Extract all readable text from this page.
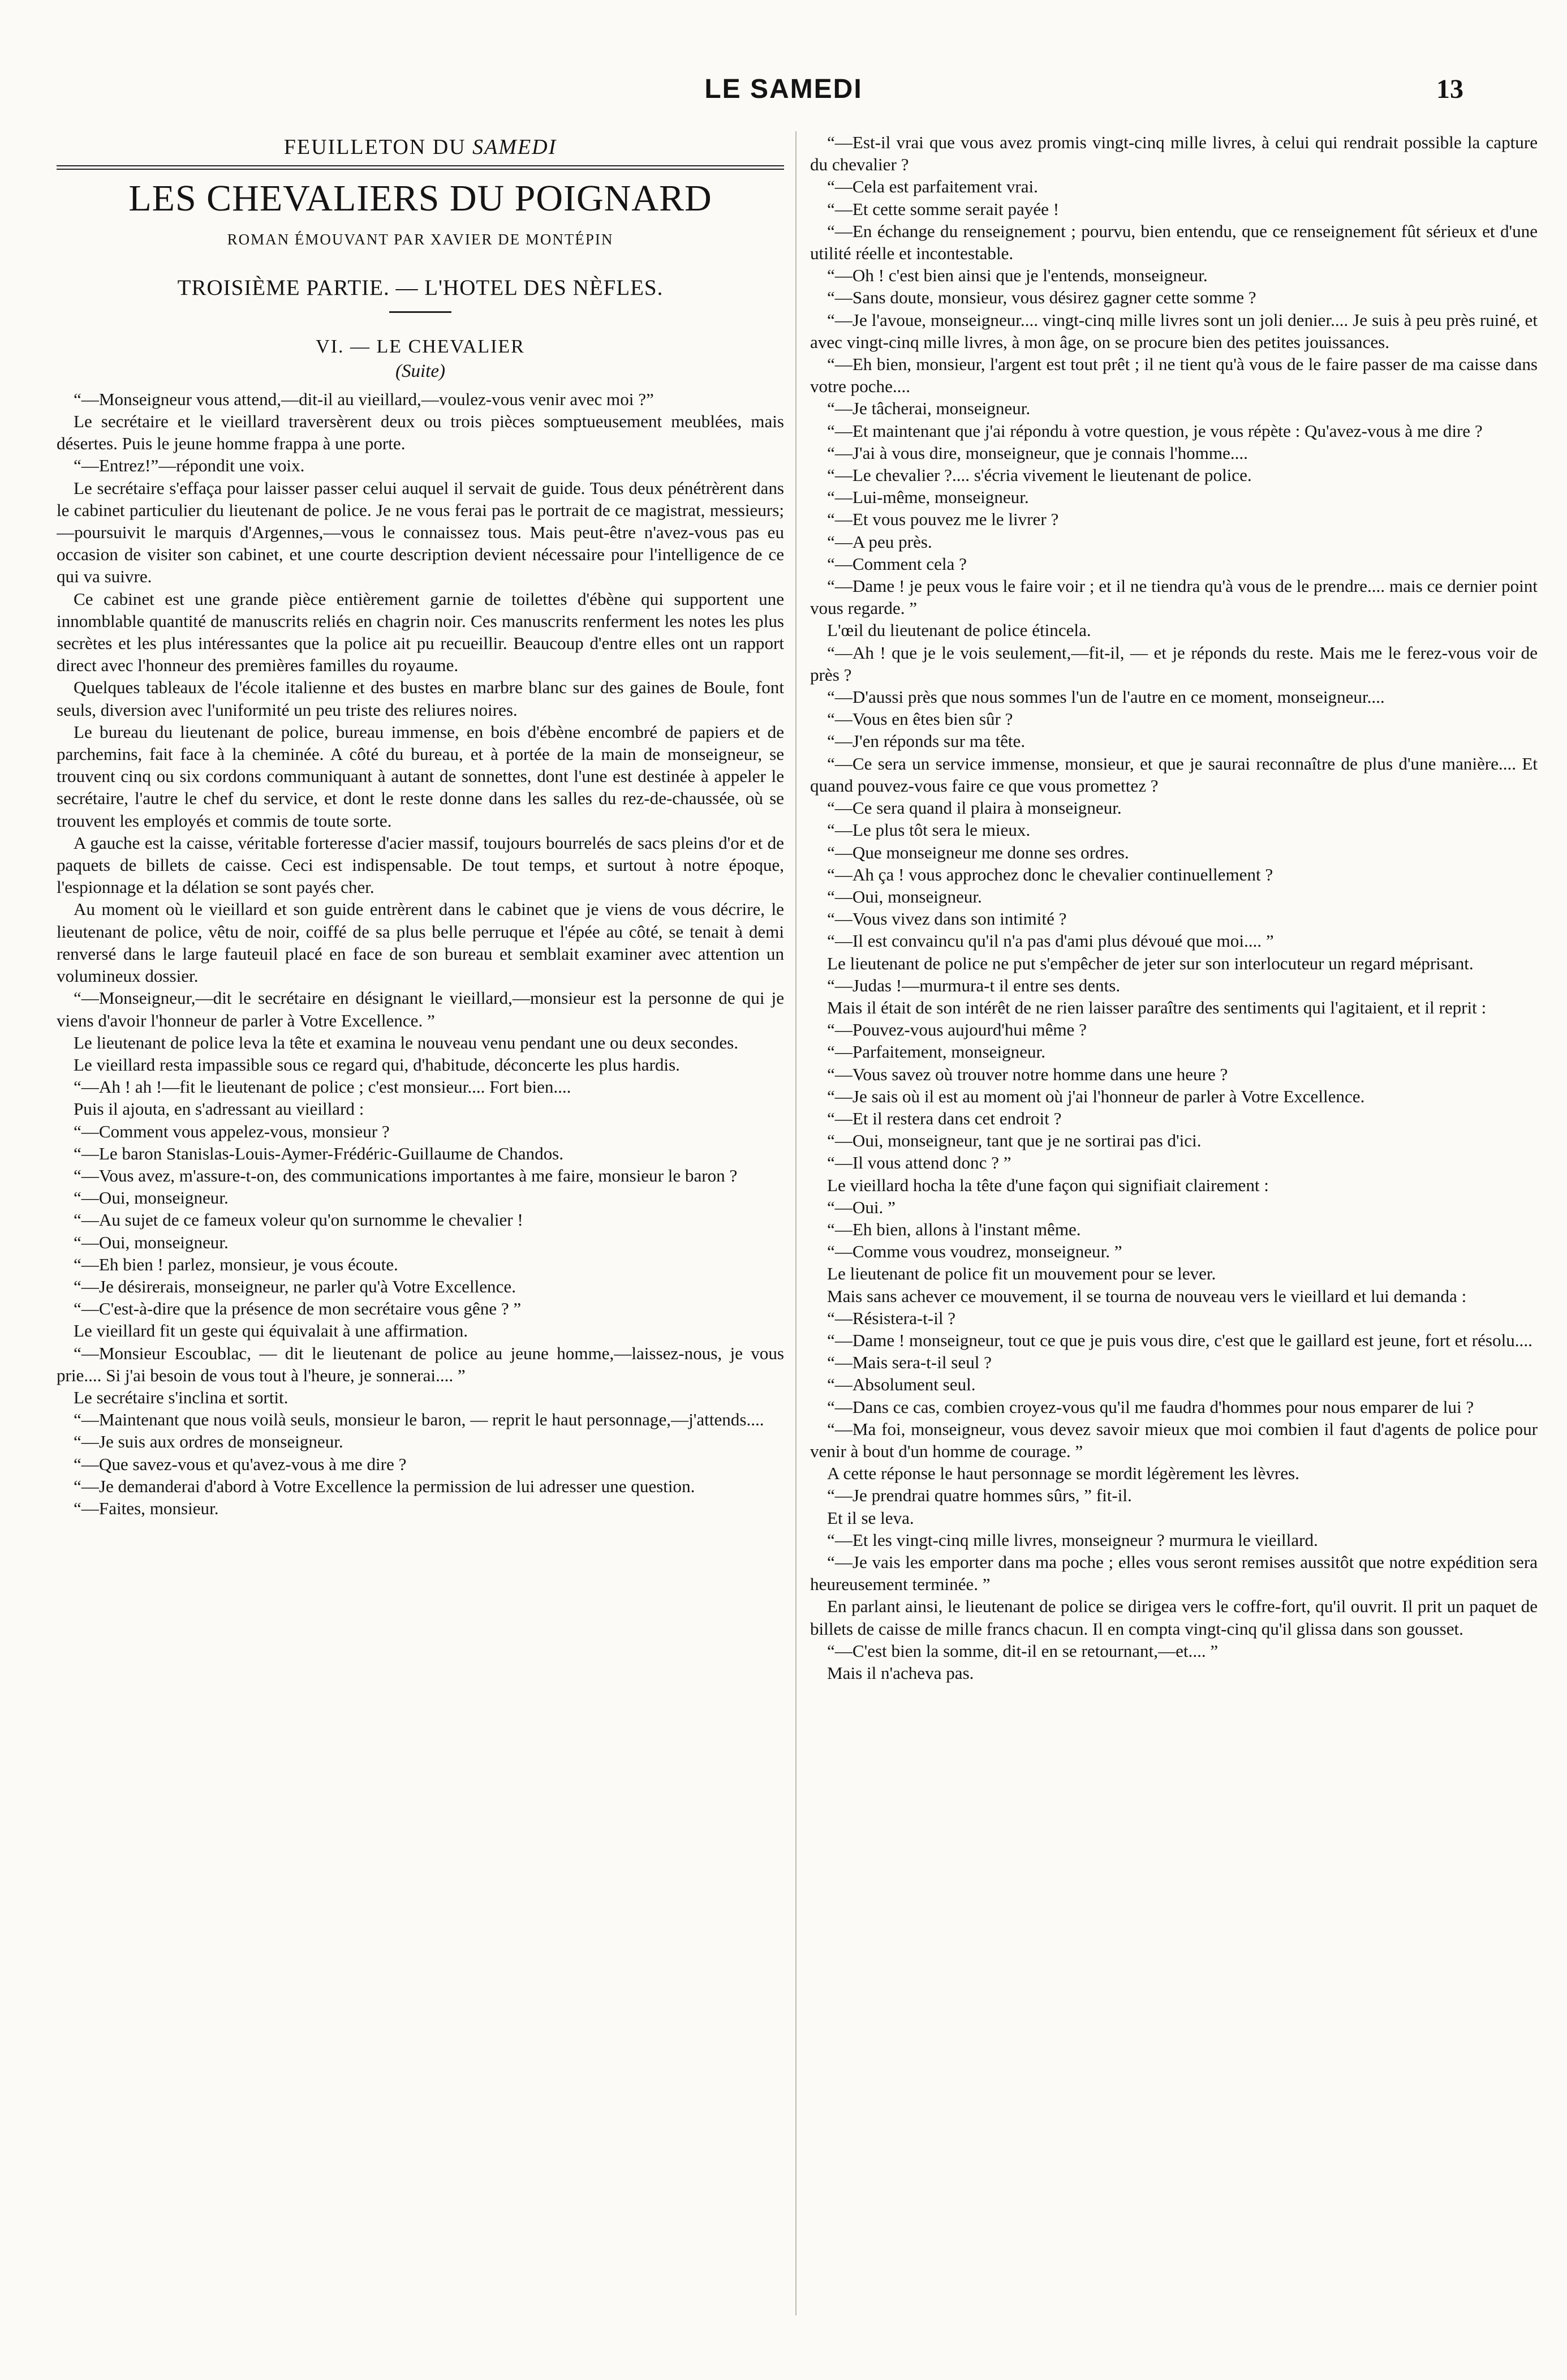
LE SAMEDI	13
FEUILLETON DU SAMEDI
LES CHEVALIERS DU POIGNARD
ROMAN ÉMOUVANT PAR XAVIER DE MONTÉPIN
TROISIÈME PARTIE. — L'HOTEL DES NÈFLES.
VI. — LE CHEVALIER
(Suite)

“—Monseigneur vous attend,—dit-il au vieillard,—voulez-vous venir avec moi ?”

Le secrétaire et le vieillard traversèrent deux ou trois pièces somptueusement meublées, mais désertes. Puis le jeune homme frappa à une porte.

“—Entrez!”—répondit une voix.

Le secrétaire s'effaça pour laisser passer celui auquel il servait de guide. Tous deux pénétrèrent dans le cabinet particulier du lieutenant de police. Je ne vous ferai pas le portrait de ce magistrat, messieurs;—poursuivit le marquis d'Argennes,—vous le connaissez tous. Mais peut-être n'avez-vous pas eu occasion de visiter son cabinet, et une courte description devient nécessaire pour l'intelligence de ce qui va suivre.

Ce cabinet est une grande pièce entièrement garnie de toilettes d'ébène qui supportent une innomblable quantité de manuscrits reliés en chagrin noir. Ces manuscrits renferment les notes les plus secrètes et les plus intéressantes que la police ait pu recueillir. Beaucoup d'entre elles ont un rapport direct avec l'honneur des premières familles du royaume.

Quelques tableaux de l'école italienne et des bustes en marbre blanc sur des gaines de Boule, font seuls, diversion avec l'uniformité un peu triste des reliures noires.

Le bureau du lieutenant de police, bureau immense, en bois d'ébène encombré de papiers et de parchemins, fait face à la cheminée. A côté du bureau, et à portée de la main de monseigneur, se trouvent cinq ou six cordons communiquant à autant de sonnettes, dont l'une est destinée à appeler le secrétaire, l'autre le chef du service, et dont le reste donne dans les salles du rez-de-chaussée, où se trouvent les employés et commis de toute sorte.

A gauche est la caisse, véritable forteresse d'acier massif, toujours bourrelés de sacs pleins d'or et de paquets de billets de caisse. Ceci est indispensable. De tout temps, et surtout à notre époque, l'espionnage et la délation se sont payés cher.

Au moment où le vieillard et son guide entrèrent dans le cabinet que je viens de vous décrire, le lieutenant de police, vêtu de noir, coiffé de sa plus belle perruque et l'épée au côté, se tenait à demi renversé dans le large fauteuil placé en face de son bureau et semblait examiner avec attention un volumineux dossier.

“—Monseigneur,—dit le secrétaire en désignant le vieillard,—monsieur est la personne de qui je viens d'avoir l'honneur de parler à Votre Excellence. ”

Le lieutenant de police leva la tête et examina le nouveau venu pendant une ou deux secondes.

Le vieillard resta impassible sous ce regard qui, d'habitude, déconcerte les plus hardis.

“—Ah ! ah !—fit le lieutenant de police ; c'est monsieur.... Fort bien....

Puis il ajouta, en s'adressant au vieillard :

“—Comment vous appelez-vous, monsieur ?

“—Le baron Stanislas-Louis-Aymer-Frédéric-Guillaume de Chandos.

“—Vous avez, m'assure-t-on, des communications importantes à me faire, monsieur le baron ?

“—Oui, monseigneur.

“—Au sujet de ce fameux voleur qu'on surnomme le chevalier !

“—Oui, monseigneur.

“—Eh bien ! parlez, monsieur, je vous écoute.

“—Je désirerais, monseigneur, ne parler qu'à Votre Excellence.

“—C'est-à-dire que la présence de mon secrétaire vous gêne ? ”

Le vieillard fit un geste qui équivalait à une affirmation.

“—Monsieur Escoublac, — dit le lieutenant de police au jeune homme,—laissez-nous, je vous prie.... Si j'ai besoin de vous tout à l'heure, je sonnerai.... ”

Le secrétaire s'inclina et sortit.

“—Maintenant que nous voilà seuls, monsieur le baron, — reprit le haut personnage,—j'attends....

“—Je suis aux ordres de monseigneur.

“—Que savez-vous et qu'avez-vous à me dire ?

“—Je demanderai d'abord à Votre Excellence la permission de lui adresser une question.

“—Faites, monsieur.

“—Est-il vrai que vous avez promis vingt-cinq mille livres, à celui qui rendrait possible la capture du chevalier ?

“—Cela est parfaitement vrai.

“—Et cette somme serait payée !

“—En échange du renseignement ; pourvu, bien entendu, que ce renseignement fût sérieux et d'une utilité réelle et incontestable.

“—Oh ! c'est bien ainsi que je l'entends, monseigneur.

“—Sans doute, monsieur, vous désirez gagner cette somme ?

“—Je l'avoue, monseigneur.... vingt-cinq mille livres sont un joli denier.... Je suis à peu près ruiné, et avec vingt-cinq mille livres, à mon âge, on se procure bien des petites jouissances.

“—Eh bien, monsieur, l'argent est tout prêt ; il ne tient qu'à vous de le faire passer de ma caisse dans votre poche....

“—Je tâcherai, monseigneur.

“—Et maintenant que j'ai répondu à votre question, je vous répète : Qu'avez-vous à me dire ?

“—J'ai à vous dire, monseigneur, que je connais l'homme....

“—Le chevalier ?.... s'écria vivement le lieutenant de police.

“—Lui-même, monseigneur.

“—Et vous pouvez me le livrer ?

“—A peu près.

“—Comment cela ?

“—Dame ! je peux vous le faire voir ; et il ne tiendra qu'à vous de le prendre.... mais ce dernier point vous regarde. ”

L'œil du lieutenant de police étincela.

“—Ah ! que je le vois seulement,—fit-il, — et je réponds du reste. Mais me le ferez-vous voir de près ?

“—D'aussi près que nous sommes l'un de l'autre en ce moment, monseigneur....

“—Vous en êtes bien sûr ?

“—J'en réponds sur ma tête.

“—Ce sera un service immense, monsieur, et que je saurai reconnaître de plus d'une manière.... Et quand pouvez-vous faire ce que vous promettez ?

“—Ce sera quand il plaira à monseigneur.

“—Le plus tôt sera le mieux.

“—Que monseigneur me donne ses ordres.

“—Ah ça ! vous approchez donc le chevalier continuellement ?

“—Oui, monseigneur.

“—Vous vivez dans son intimité ?

“—Il est convaincu qu'il n'a pas d'ami plus dévoué que moi.... ”

Le lieutenant de police ne put s'empêcher de jeter sur son interlocuteur un regard méprisant.

“—Judas !—murmura-t il entre ses dents.

Mais il était de son intérêt de ne rien laisser paraître des sentiments qui l'agitaient, et il reprit :

“—Pouvez-vous aujourd'hui même ?

“—Parfaitement, monseigneur.

“—Vous savez où trouver notre homme dans une heure ?

“—Je sais où il est au moment où j'ai l'honneur de parler à Votre Excellence.

“—Et il restera dans cet endroit ?

“—Oui, monseigneur, tant que je ne sortirai pas d'ici.

“—Il vous attend donc ? ”

Le vieillard hocha la tête d'une façon qui signifiait clairement :

“—Oui. ”

“—Eh bien, allons à l'instant même.

“—Comme vous voudrez, monseigneur. ”

Le lieutenant de police fit un mouvement pour se lever.

Mais sans achever ce mouvement, il se tourna de nouveau vers le vieillard et lui demanda :

“—Résistera-t-il ?

“—Dame ! monseigneur, tout ce que je puis vous dire, c'est que le gaillard est jeune, fort et résolu....

“—Mais sera-t-il seul ?

“—Absolument seul.

“—Dans ce cas, combien croyez-vous qu'il me faudra d'hommes pour nous emparer de lui ?

“—Ma foi, monseigneur, vous devez savoir mieux que moi combien il faut d'agents de police pour venir à bout d'un homme de courage. ”

A cette réponse le haut personnage se mordit légèrement les lèvres.

“—Je prendrai quatre hommes sûrs, ” fit-il.

Et il se leva.

“—Et les vingt-cinq mille livres, monseigneur ? murmura le vieillard.

“—Je vais les emporter dans ma poche ; elles vous seront remises aussitôt que notre expédition sera heureusement terminée. ”

En parlant ainsi, le lieutenant de police se dirigea vers le coffre-fort, qu'il ouvrit. Il prit un paquet de billets de caisse de mille francs chacun. Il en compta vingt-cinq qu'il glissa dans son gousset.

“—C'est bien la somme, dit-il en se retournant,—et.... ”

Mais il n'acheva pas.
